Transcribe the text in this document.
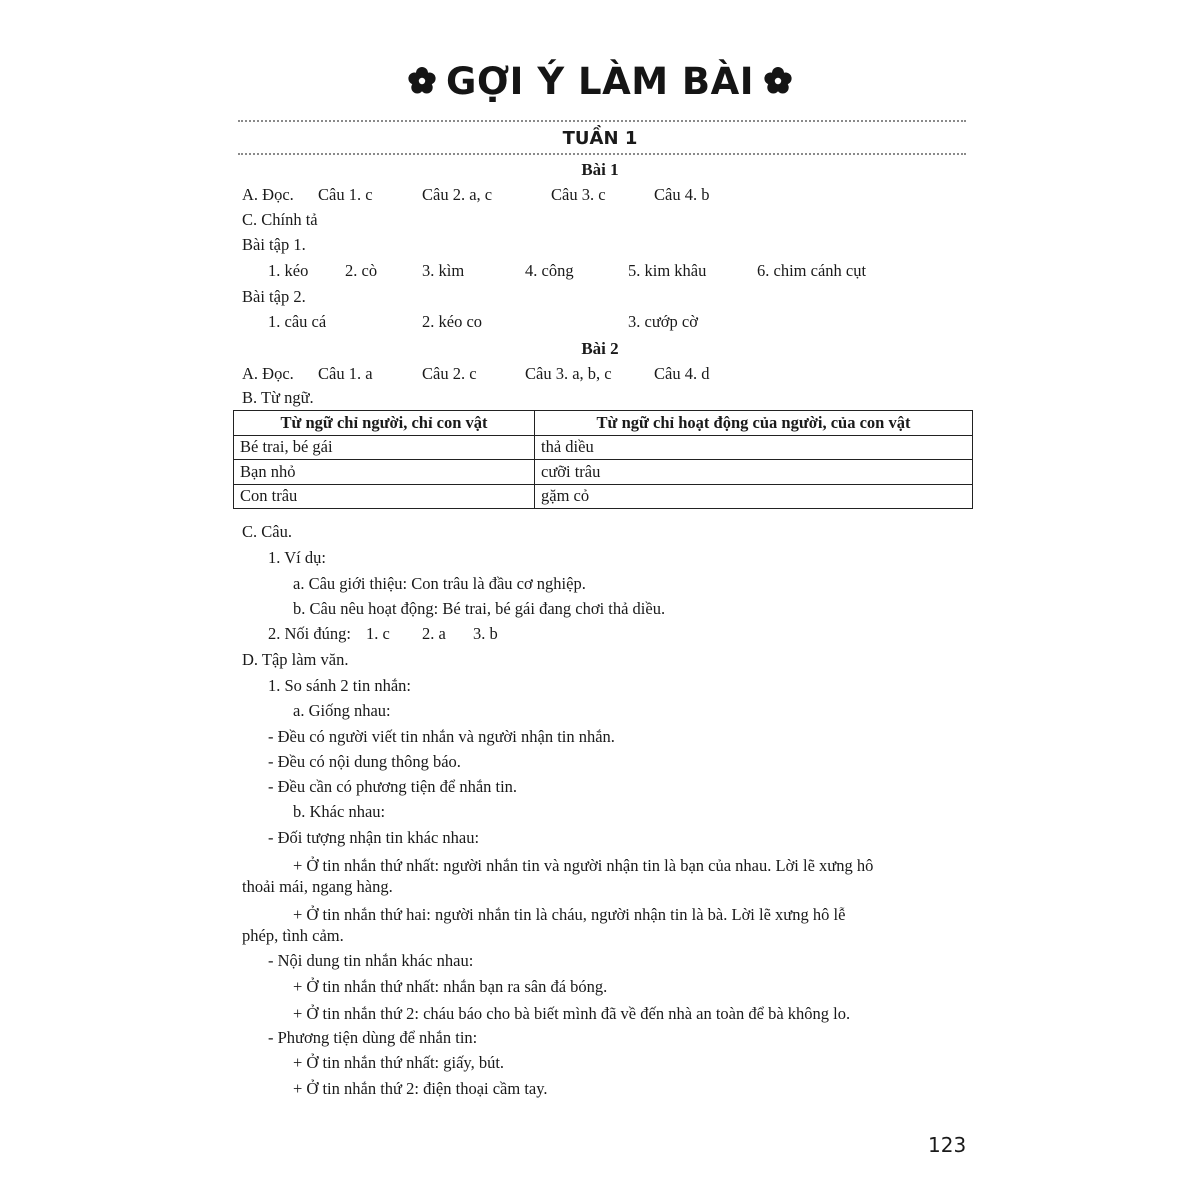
GỢI Ý LÀM BÀI
TUẦN 1
Bài 1
A. Đọc. Câu 1. c	Câu 2. a, c	Câu 3. c	Câu 4. b
C. Chính tả
Bài tập 1.
1. kéo 2. cò	3. kìm	4. công	5. kim khâu	6. chim cánh cụt
Bài tập 2.
1. câu cá	2. kéo co	3. cướp cờ
Bài 2
A. Đọc. Câu 1. a	Câu 2. c	Câu 3. a, b, c	Câu 4. d
B. Từ ngữ.
Từ ngữ chỉ người, chỉ con vật	Từ ngữ chỉ hoạt động của người, của con vật
Bé trai, bé gái	thả diều
Bạn nhỏ	cưỡi trâu
Con trâu	gặm cỏ
C. Câu.
1. Ví dụ:
a. Câu giới thiệu: Con trâu là đầu cơ nghiệp.
b. Câu nêu hoạt động: Bé trai, bé gái đang chơi thả diều.
2. Nối đúng: 1. c 2. a 3. b
D. Tập làm văn.
1. So sánh 2 tin nhắn:
a. Giống nhau:
- Đều có người viết tin nhắn và người nhận tin nhắn.
- Đều có nội dung thông báo.
- Đều cần có phương tiện để nhắn tin.
b. Khác nhau:
- Đối tượng nhận tin khác nhau:
+ Ở tin nhắn thứ nhất: người nhắn tin và người nhận tin là bạn của nhau. Lời lẽ xưng hô
thoải mái, ngang hàng.
+ Ở tin nhắn thứ hai: người nhắn tin là cháu, người nhận tin là bà. Lời lẽ xưng hô lễ
phép, tình cảm.
- Nội dung tin nhắn khác nhau:
+ Ở tin nhắn thứ nhất: nhắn bạn ra sân đá bóng.
+ Ở tin nhắn thứ 2: cháu báo cho bà biết mình đã về đến nhà an toàn để bà không lo.
- Phương tiện dùng để nhắn tin:
+ Ở tin nhắn thứ nhất: giấy, bút.
+ Ở tin nhắn thứ 2: điện thoại cầm tay.
123
